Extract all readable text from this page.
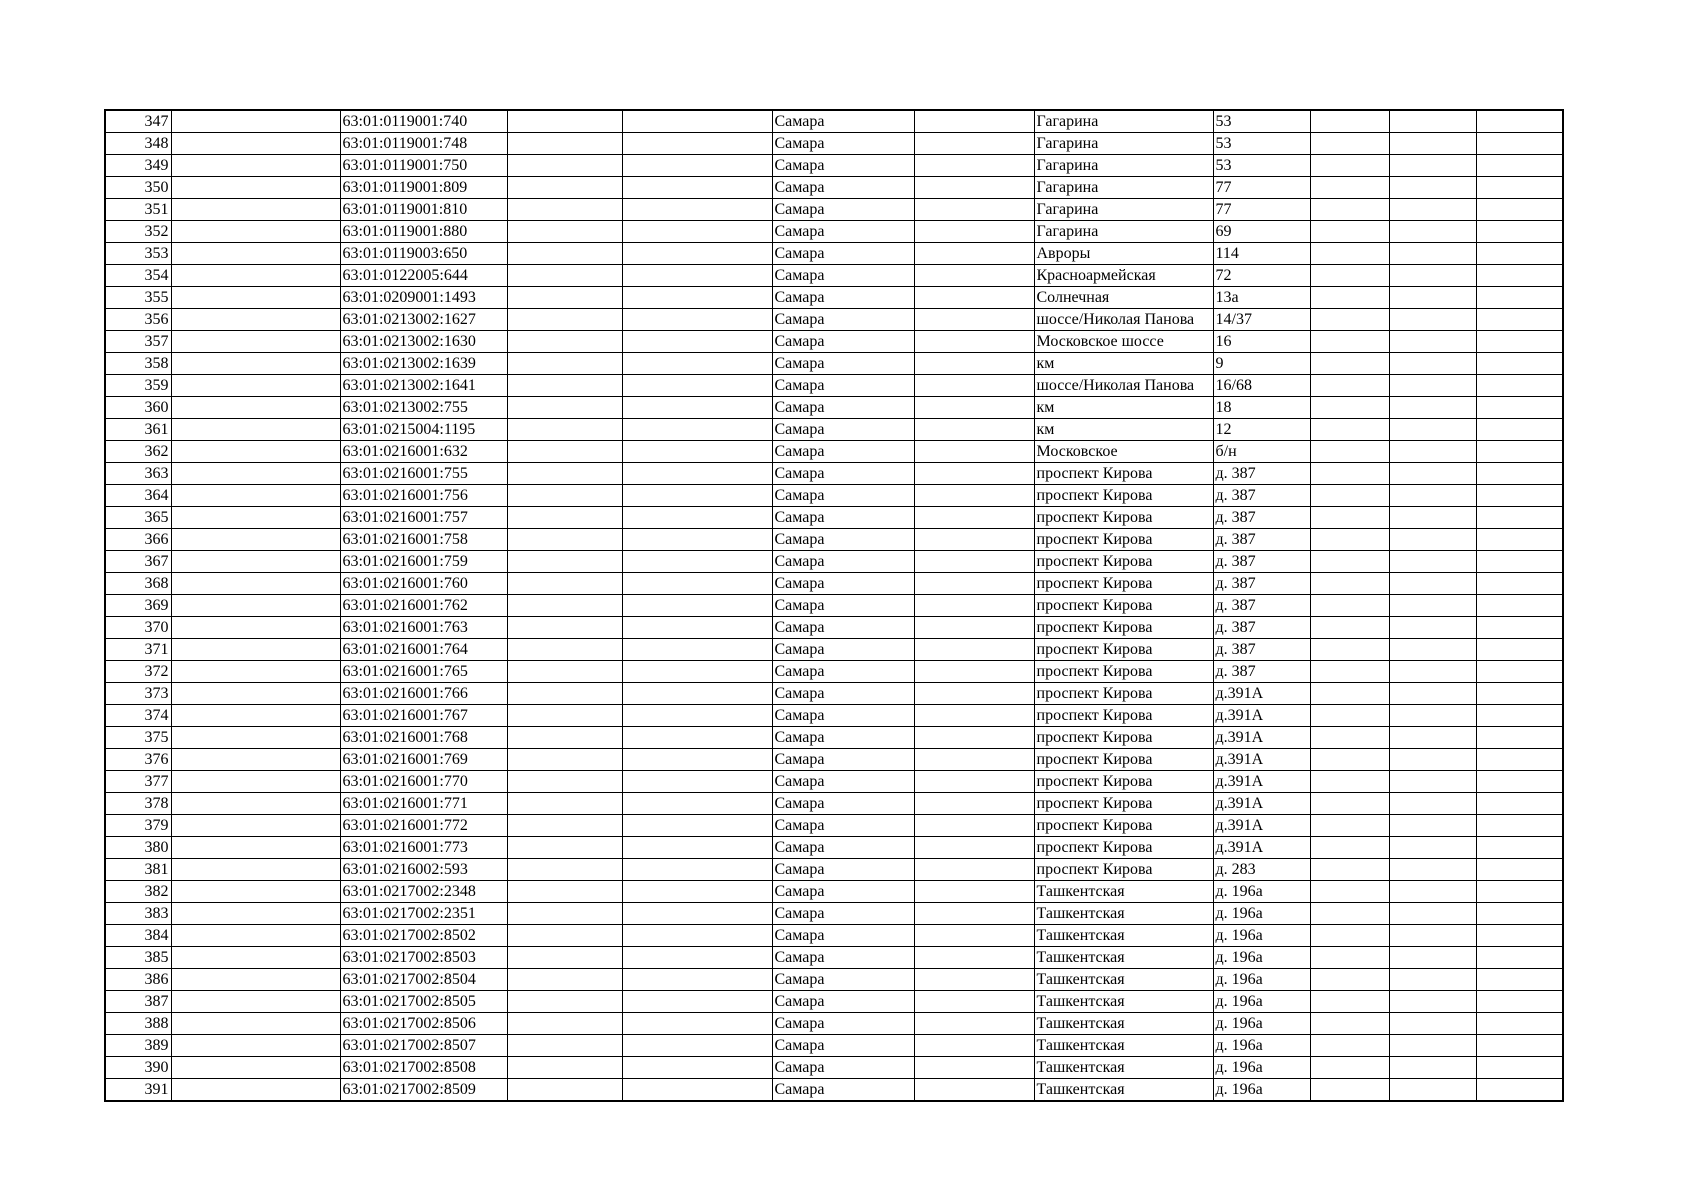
347		63:01:0119001:740			Самара		Гагарина	53			
348		63:01:0119001:748			Самара		Гагарина	53			
349		63:01:0119001:750			Самара		Гагарина	53			
350		63:01:0119001:809			Самара		Гагарина	77			
351		63:01:0119001:810			Самара		Гагарина	77			
352		63:01:0119001:880			Самара		Гагарина	69			
353		63:01:0119003:650			Самара		Авроры	114			
354		63:01:0122005:644			Самара		Красноармейская	72			
355		63:01:0209001:1493			Самара		Солнечная	13а			
356		63:01:0213002:1627			Самара		шоссе/Николая Панова	14/37			
357		63:01:0213002:1630			Самара		Московское шоссе	16			
358		63:01:0213002:1639			Самара		км	9			
359		63:01:0213002:1641			Самара		шоссе/Николая Панова	16/68			
360		63:01:0213002:755			Самара		км	18			
361		63:01:0215004:1195			Самара		км	12			
362		63:01:0216001:632			Самара		Московское	б/н			
363		63:01:0216001:755			Самара		проспект Кирова	д. 387			
364		63:01:0216001:756			Самара		проспект Кирова	д. 387			
365		63:01:0216001:757			Самара		проспект Кирова	д. 387			
366		63:01:0216001:758			Самара		проспект Кирова	д. 387			
367		63:01:0216001:759			Самара		проспект Кирова	д. 387			
368		63:01:0216001:760			Самара		проспект Кирова	д. 387			
369		63:01:0216001:762			Самара		проспект Кирова	д. 387			
370		63:01:0216001:763			Самара		проспект Кирова	д. 387			
371		63:01:0216001:764			Самара		проспект Кирова	д. 387			
372		63:01:0216001:765			Самара		проспект Кирова	д. 387			
373		63:01:0216001:766			Самара		проспект Кирова	д.391А			
374		63:01:0216001:767			Самара		проспект Кирова	д.391А			
375		63:01:0216001:768			Самара		проспект Кирова	д.391А			
376		63:01:0216001:769			Самара		проспект Кирова	д.391А			
377		63:01:0216001:770			Самара		проспект Кирова	д.391А			
378		63:01:0216001:771			Самара		проспект Кирова	д.391А			
379		63:01:0216001:772			Самара		проспект Кирова	д.391А			
380		63:01:0216001:773			Самара		проспект Кирова	д.391А			
381		63:01:0216002:593			Самара		проспект Кирова	д. 283			
382		63:01:0217002:2348			Самара		Ташкентская	д. 196а			
383		63:01:0217002:2351			Самара		Ташкентская	д. 196а			
384		63:01:0217002:8502			Самара		Ташкентская	д. 196а			
385		63:01:0217002:8503			Самара		Ташкентская	д. 196а			
386		63:01:0217002:8504			Самара		Ташкентская	д. 196а			
387		63:01:0217002:8505			Самара		Ташкентская	д. 196а			
388		63:01:0217002:8506			Самара		Ташкентская	д. 196а			
389		63:01:0217002:8507			Самара		Ташкентская	д. 196а			
390		63:01:0217002:8508			Самара		Ташкентская	д. 196а			
391		63:01:0217002:8509			Самара		Ташкентская	д. 196а			
